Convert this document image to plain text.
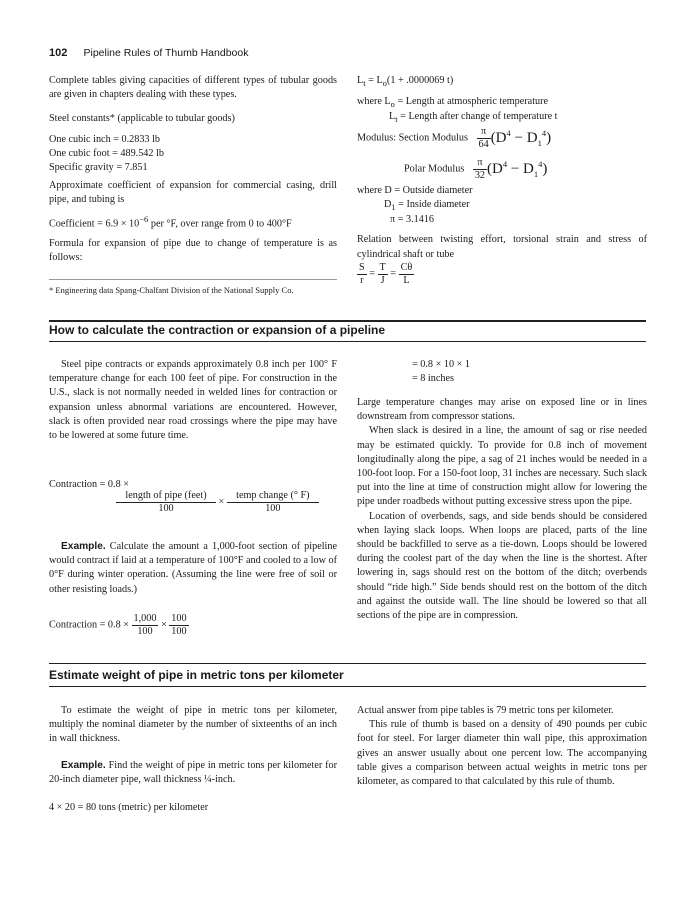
102 Pipeline Rules of Thumb Handbook

Complete tables giving capacities of different types of tubular goods are given in chapters dealing with these types.

Steel constants* (applicable to tubular goods)

One cubic inch = 0.2833 lb

One cubic foot = 489.542 lb

Specific gravity = 7.851

Approximate coefficient of expansion for commercial casing, drill pipe, and tubing is

Coefficient = $6.9 \times 10^{-6}$ per °F, over range from 0 to 400°F

Formula for expansion of pipe due to change of temperature is as follows:

* Engineering data Spang-Chalfant Division of the National Supply Co.

$L_t = L_o(1 + .0000069$ t)

where $L_o$ = Length at atmospheric temperature

$L_t$ = Length after change of temperature t

Modulus: Section Modulus $\frac{\pi}{64} (D^4 - D_1^4)$
Polar Modulus $\frac{\pi}{32} (D^4 - D_1^4)$

where D = Outside diameter

$D_1$ = Inside diameter

π = 3.1416

Relation between twisting effort, torsional strain and stress of cylindrical shaft or tube

$\frac{S}{r} = \frac{T}{J} = \frac{C\theta}{L}$
How to calculate the contraction or expansion of a pipeline

Steel pipe contracts or expands approximately 0.8 inch per 100° F temperature change for each 100 feet of pipe. For construction in the U.S., slack is not normally needed in welded lines for contraction or expansion unless abnormal variations are encountered. However, slack is often provided near road crossings where the pipe may have to be lowered at some future time.

Contraction = 0.8 ×

$\frac{\text{length of pipe (feet)}}{100} \times \frac{\text{temp change (° F)}}{100}$

Example. Calculate the amount a 1,000-foot section of pipeline would contract if laid at a temperature of 100°F and cooled to a low of 0°F during winter operation. (Assuming the line were free of soil or other resisting loads.)

Contraction = $0.8 \times \frac{1,000}{100} \times \frac{100}{100}$

= 0.8 × 10 × 1

= 8 inches

Large temperature changes may arise on exposed line or in lines downstream from compressor stations.

When slack is desired in a line, the amount of sag or rise needed may be estimated quickly. To provide for 0.8 inch of movement longitudinally along the pipe, a sag of 21 inches would be needed in a 100-foot loop. For a 150-foot loop, 31 inches are necessary. Such slack put into the line at time of construction might allow for lowering the pipe under roadbeds without putting excessive stress upon the pipe.

Location of overbends, sags, and side bends should be considered when laying slack loops. When loops are placed, parts of the line should be backfilled to serve as a tie-down. Loops should be lowered during the coolest part of the day when the line is the shortest. After lowering in, sags should rest on the bottom of the ditch; overbends should “ride high.” Side bends should rest on the bottom of the ditch and against the outside wall. The line should be lowered so that all sections of the pipe are in compression.

Estimate weight of pipe in metric tons per kilometer

To estimate the weight of pipe in metric tons per kilometer, multiply the nominal diameter by the number of sixteenths of an inch in wall thickness.

Example. Find the weight of pipe in metric tons per kilometer for 20-inch diameter pipe, wall thickness ¼-inch.

4 × 20 = 80 tons (metric) per kilometer

Actual answer from pipe tables is 79 metric tons per kilometer.

This rule of thumb is based on a density of 490 pounds per cubic foot for steel. For larger diameter thin wall pipe, this approximation gives an answer usually about one percent low. The accompanying table gives a comparison between actual weights in metric tons per kilometer, as compared to that calculated by this rule of thumb.
